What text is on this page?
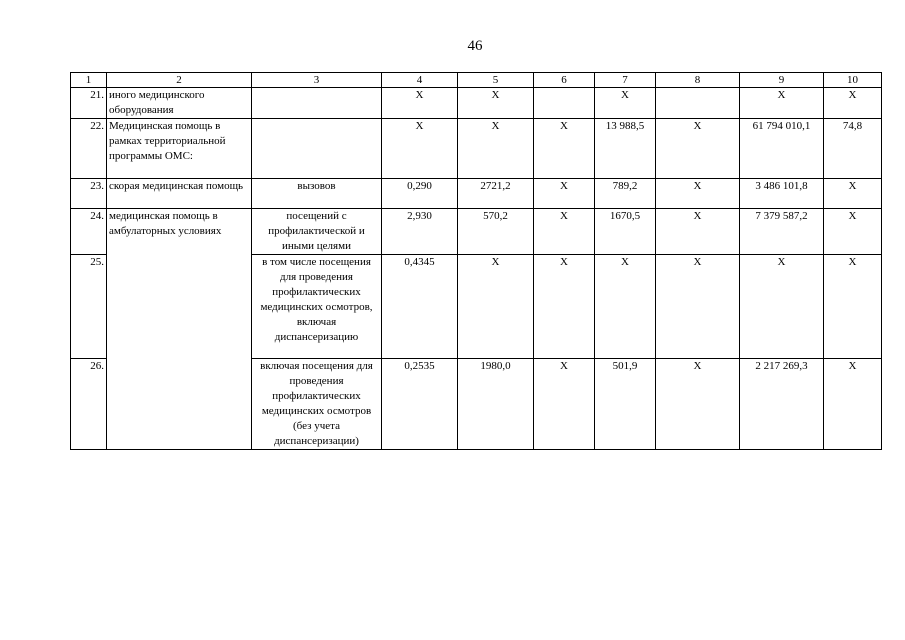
46
1	2	3	4	5	6	7	8	9	10
21.	иного медицинского оборудования		X	X		X		X	X
22.	Медицинская помощь в рамках территориальной программы ОМС:		X	X	X	13 988,5	X	61 794 010,1	74,8
23.	скорая медицинская помощь	вызовов	0,290	2721,2	X	789,2	X	3 486 101,8	X
24.	медицинская помощь в амбулаторных условиях	посещений с профилактической и иными целями	2,930	570,2	X	1670,5	X	7 379 587,2	X
25.		в том числе посещения для проведения профилактических медицинских осмотров, включая диспансеризацию	0,4345	X	X	X	X	X	X
26.		включая посещения для проведения профилактических медицинских осмотров (без учета диспансеризации)	0,2535	1980,0	X	501,9	X	2 217 269,3	X
